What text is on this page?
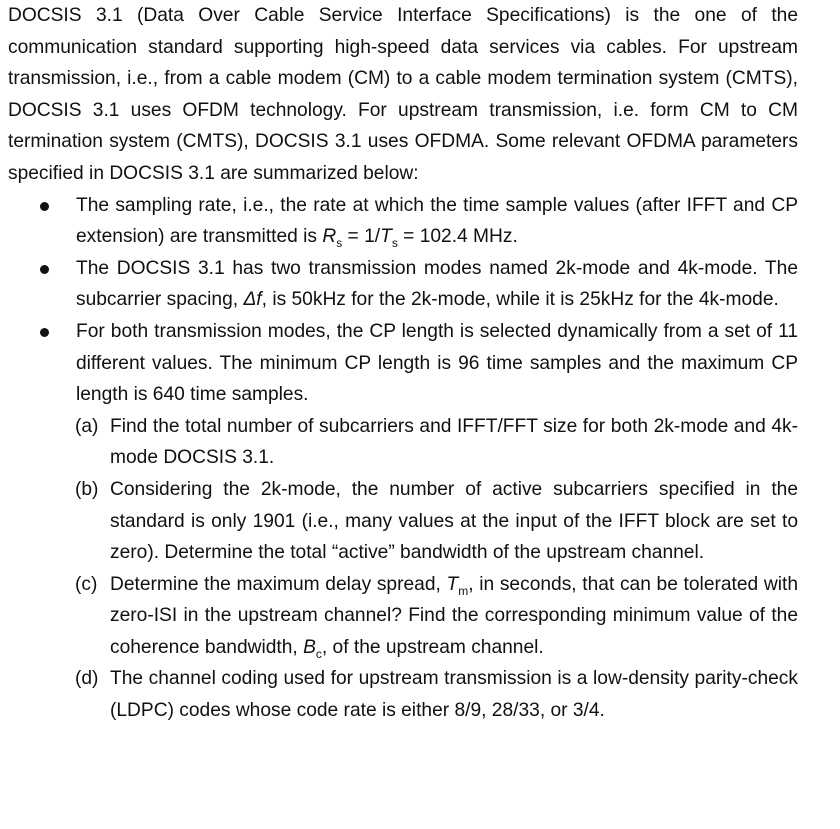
DOCSIS 3.1 (Data Over Cable Service Interface Specifications) is the one of the communication standard supporting high-speed data services via cables. For upstream transmission, i.e., from a cable modem (CM) to a cable modem termination system (CMTS), DOCSIS 3.1 uses OFDM technology. For upstream transmission, i.e. form CM to CM termination system (CMTS), DOCSIS 3.1 uses OFDMA. Some relevant OFDMA parameters specified in DOCSIS 3.1 are summarized below:

The sampling rate, i.e., the rate at which the time sample values (after IFFT and CP extension) are transmitted is $R_s = 1/T_s = 102.4$ MHz.
The DOCSIS 3.1 has two transmission modes named 2k-mode and 4k-mode. The subcarrier spacing, Δf, is 50kHz for the 2k-mode, while it is 25kHz for the 4k-mode.
For both transmission modes, the CP length is selected dynamically from a set of 11 different values. The minimum CP length is 96 time samples and the maximum CP length is 640 time samples.
(a) Find the total number of subcarriers and IFFT/FFT size for both 2k-mode and 4k-mode DOCSIS 3.1.
(b) Considering the 2k-mode, the number of active subcarriers specified in the standard is only 1901 (i.e., many values at the input of the IFFT block are set to zero). Determine the total “active” bandwidth of the upstream channel.
(c) Determine the maximum delay spread, $T_m$, in seconds, that can be tolerated with zero-ISI in the upstream channel? Find the corresponding minimum value of the coherence bandwidth, $B_c$, of the upstream channel.
(d) The channel coding used for upstream transmission is a low-density parity-check (LDPC) codes whose code rate is either 8/9, 28/33, or 3/4.
